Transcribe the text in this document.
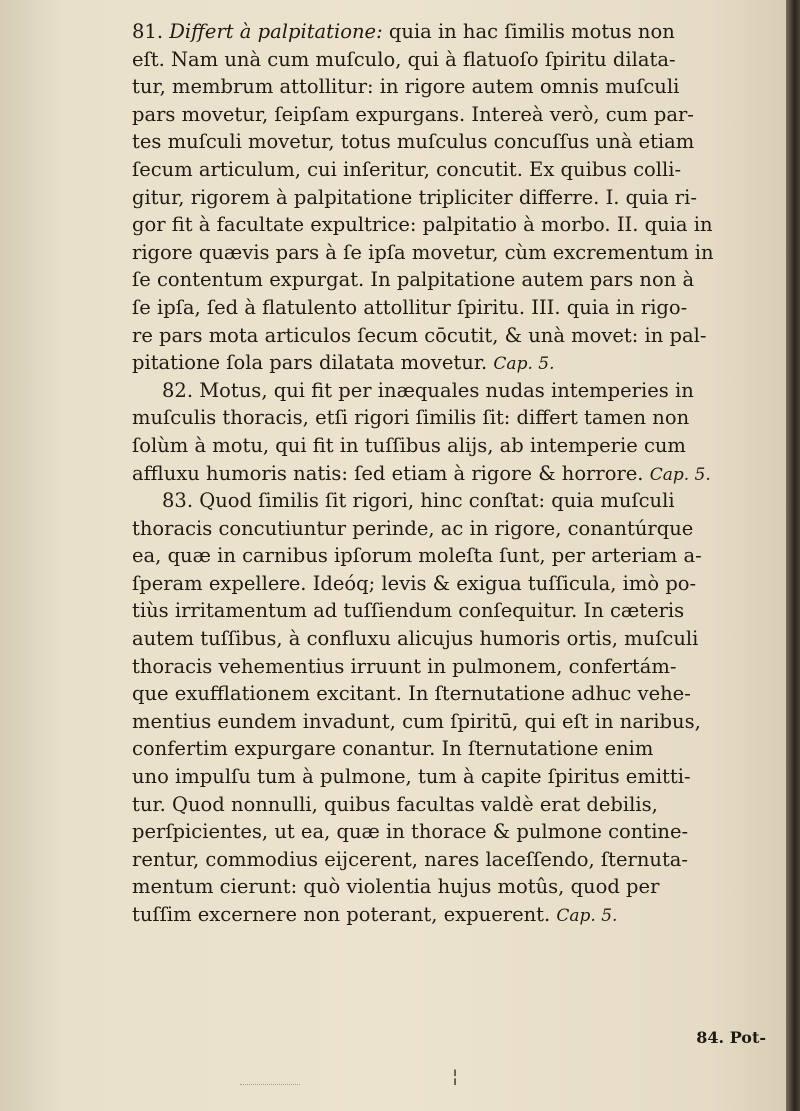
81. Differt à palpitatione: quia in hac ſimilis motus non
eſt. Nam unà cum muſculo, qui à flatuoſo ſpiritu dilata-
tur, membrum attollitur: in rigore autem omnis muſculi
pars movetur, ſeipſam expurgans. Intereà verò, cum par-
tes muſculi movetur, totus muſculus concuſſus unà etiam
ſecum articulum, cui inſeritur, concutit. Ex quibus colli-
gitur, rigorem à palpitatione tripliciter differre. I. quia ri-
gor fit à facultate expultrice: palpitatio à morbo. II. quia in
rigore quævis pars à ſe ipſa movetur, cùm excrementum in
ſe contentum expurgat. In palpitatione autem pars non à
ſe ipſa, ſed à flatulento attollitur ſpiritu. III. quia in rigo-
re pars mota articulos ſecum cōcutit, & unà movet: in pal-
pitatione ſola pars dilatata movetur. Cap. 5.
82. Motus, qui fit per inæquales nudas intemperies in
muſculis thoracis, etſi rigori ſimilis ſit: differt tamen non
ſolùm à motu, qui fit in tuſſibus alijs, ab intemperie cum
affluxu humoris natis: ſed etiam à rigore & horrore. Cap. 5.
83. Quod ſimilis ſit rigori, hinc conſtat: quia muſculi
thoracis concutiuntur perinde, ac in rigore, conantúrque
ea, quæ in carnibus ipſorum moleſta ſunt, per arteriam a-
ſperam expellere. Ideóq; levis & exigua tuſſicula, imò po-
tiùs irritamentum ad tuſſiendum conſequitur. In cæteris
autem tuſſibus, à confluxu alicujus humoris ortis, muſculi
thoracis vehementius irruunt in pulmonem, confertám-
que exufflationem excitant. In ſternutatione adhuc vehe-
mentius eundem invadunt, cum ſpiritū, qui eſt in naribus,
confertim expurgare conantur. In ſternutatione enim
uno impulſu tum à pulmone, tum à capite ſpiritus emitti-
tur. Quod nonnulli, quibus facultas valdè erat debilis,
perſpicientes, ut ea, quæ in thorace & pulmone contine-
rentur, commodius eijcerent, nares laceſſendo, ſternuta-
mentum cierunt: quò violentia hujus motûs, quod per
tuſſim excernere non poterant, expuerent. Cap. 5.
84. Pot-
¦
